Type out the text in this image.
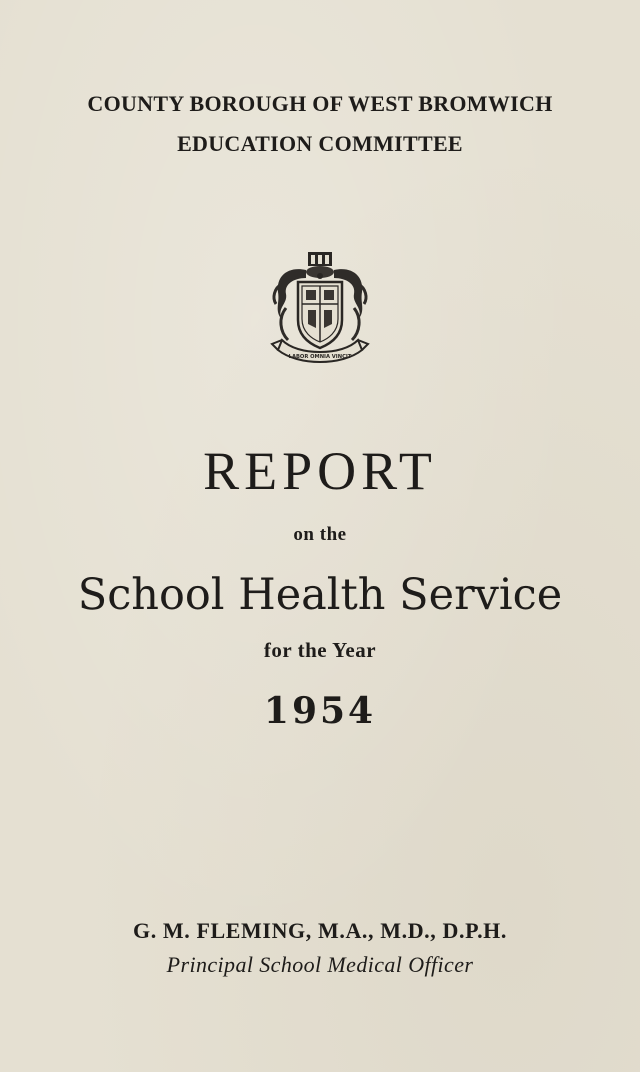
COUNTY BOROUGH OF WEST BROMWICH
EDUCATION COMMITTEE
LABOR OMNIA VINCIT
REPORT
on the
School Health Service
for the Year
1954
G. M. FLEMING, M.A., M.D., D.P.H.
Principal School Medical Officer
